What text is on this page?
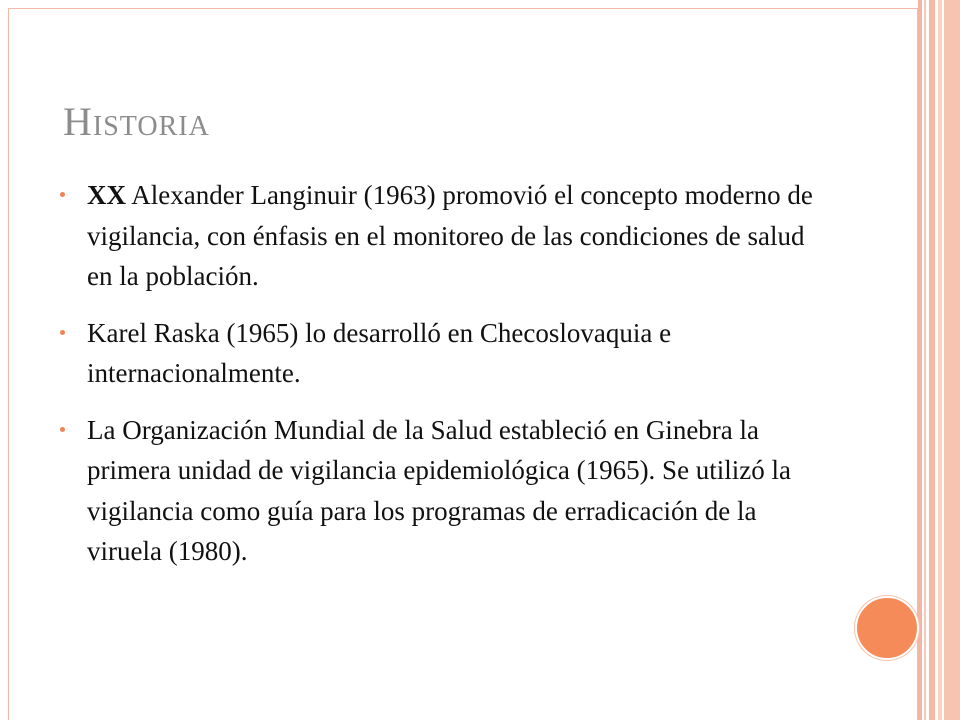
Historia
XX Alexander Langinuir (1963) promovió el concepto moderno de vigilancia, con énfasis en el monitoreo de las condiciones de salud en la población.
Karel Raska (1965) lo desarrolló en Checoslovaquia e internacionalmente.
La Organización Mundial de la Salud estableció en Ginebra la primera unidad de vigilancia epidemiológica (1965). Se utilizó la vigilancia como guía para los programas de erradicación de la viruela (1980).
